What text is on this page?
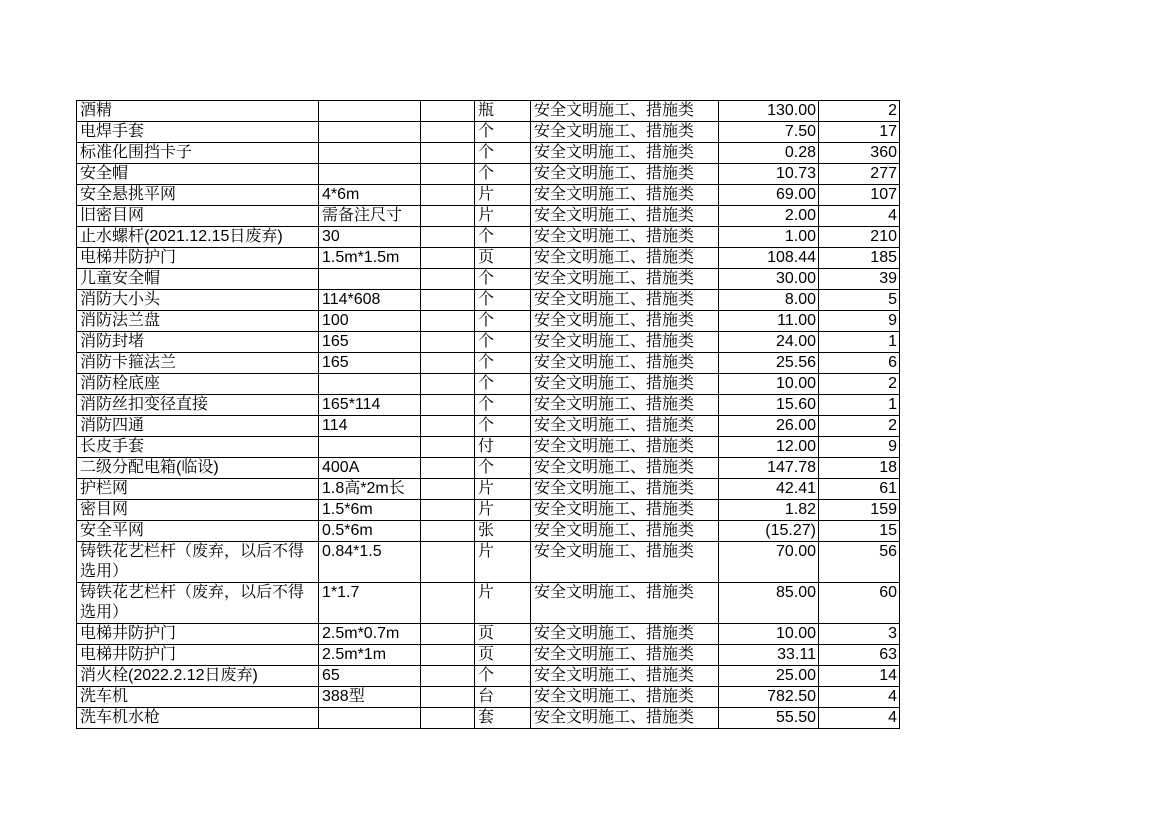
酒精			瓶	安全文明施工、措施类	130.00	2
电焊手套			个	安全文明施工、措施类	7.50	17
标准化围挡卡子			个	安全文明施工、措施类	0.28	360
安全帽			个	安全文明施工、措施类	10.73	277
安全悬挑平网	4*6m		片	安全文明施工、措施类	69.00	107
旧密目网	需备注尺寸		片	安全文明施工、措施类	2.00	4
止水螺杆(2021.12.15日废弃)	30		个	安全文明施工、措施类	1.00	210
电梯井防护门	1.5m*1.5m		页	安全文明施工、措施类	108.44	185
儿童安全帽			个	安全文明施工、措施类	30.00	39
消防大小头	114*608		个	安全文明施工、措施类	8.00	5
消防法兰盘	100		个	安全文明施工、措施类	11.00	9
消防封堵	165		个	安全文明施工、措施类	24.00	1
消防卡箍法兰	165		个	安全文明施工、措施类	25.56	6
消防栓底座			个	安全文明施工、措施类	10.00	2
消防丝扣变径直接	165*114		个	安全文明施工、措施类	15.60	1
消防四通	114		个	安全文明施工、措施类	26.00	2
长皮手套			付	安全文明施工、措施类	12.00	9
二级分配电箱(临设)	400A		个	安全文明施工、措施类	147.78	18
护栏网	1.8高*2m长		片	安全文明施工、措施类	42.41	61
密目网	1.5*6m		片	安全文明施工、措施类	1.82	159
安全平网	0.5*6m		张	安全文明施工、措施类	(15.27)	15
铸铁花艺栏杆（废弃，以后不得选用）	0.84*1.5		片	安全文明施工、措施类	70.00	56
铸铁花艺栏杆（废弃，以后不得选用）	1*1.7		片	安全文明施工、措施类	85.00	60
电梯井防护门	2.5m*0.7m		页	安全文明施工、措施类	10.00	3
电梯井防护门	2.5m*1m		页	安全文明施工、措施类	33.11	63
消火栓(2022.2.12日废弃)	65		个	安全文明施工、措施类	25.00	14
洗车机	388型		台	安全文明施工、措施类	782.50	4
洗车机水枪			套	安全文明施工、措施类	55.50	4
